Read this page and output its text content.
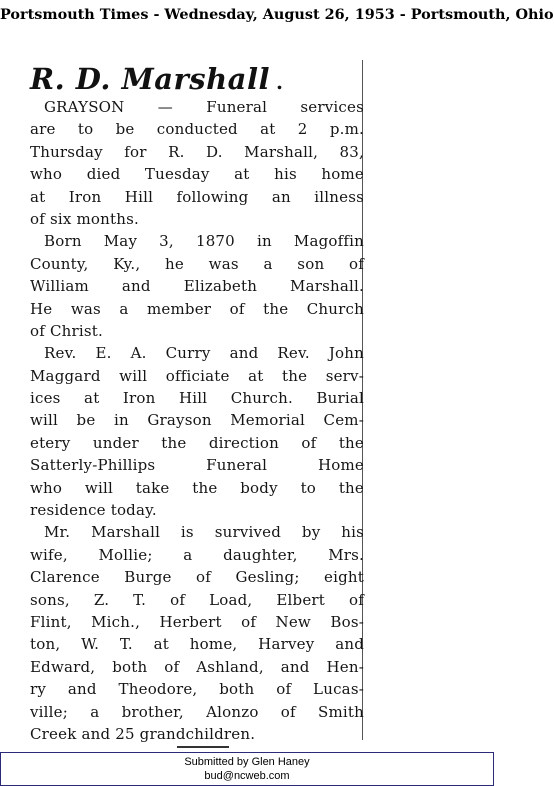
Portsmouth Times - Wednesday, August 26, 1953 - Portsmouth, Ohio
R. D. Marshall .
GRAYSON — Funeral services
are to be conducted at 2 p.m.
Thursday for R. D. Marshall, 83,
who died Tuesday at his home
at Iron Hill following an illness
of six months.
Born May 3, 1870 in Magoffin
County, Ky., he was a son of
William and Elizabeth Marshall.
He was a member of the Church
of Christ.
Rev. E. A. Curry and Rev. John
Maggard will officiate at the serv-
ices at Iron Hill Church. Burial
will be in Grayson Memorial Cem-
etery under the direction of the
Satterly-Phillips Funeral Home
who will take the body to the
residence today.
Mr. Marshall is survived by his
wife, Mollie; a daughter, Mrs.
Clarence Burge of Gesling; eight
sons, Z. T. of Load, Elbert of
Flint, Mich., Herbert of New Bos-
ton, W. T. at home, Harvey and
Edward, both of Ashland, and Hen-
ry and Theodore, both of Lucas-
ville; a brother, Alonzo of Smith
Creek and 25 grandchildren.
Submitted by Glen Haney
bud@ncweb.com
